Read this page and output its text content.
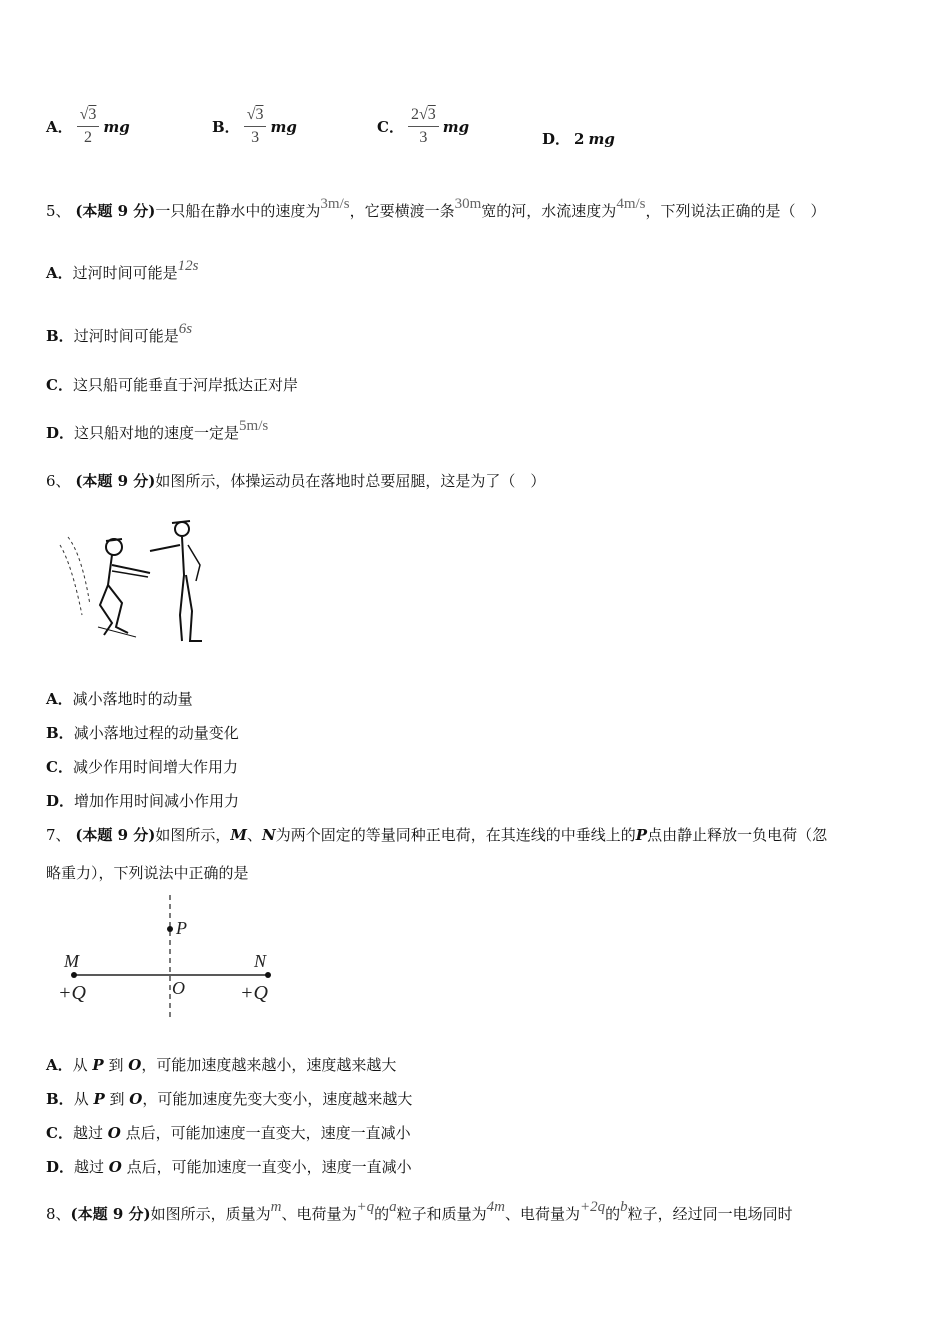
A． $\frac{√3}{2}$ mg	B． $\frac{√3}{3}$ mg	C． $\frac{2√3}{3}$ mg
D． 2 mg
5、 (本题 9 分)一只船在静水中的速度为3m/s，它要横渡一条30m宽的河，水流速度为4m/s，下列说法正确的是（　）
A．过河时间可能是12s
B．过河时间可能是6s
C．这只船可能垂直于河岸抵达正对岸
D．这只船对地的速度一定是5m/s
6、 (本题 9 分)如图所示，体操运动员在落地时总要屈腿，这是为了（　）
A．减小落地时的动量
B．减小落地过程的动量变化
C．减少作用时间增大作用力
D．增加作用时间减小作用力
7、 (本题 9 分)如图所示，M、N为两个固定的等量同种正电荷，在其连线的中垂线上的P点由静止释放一负电荷（忽
略重力），下列说法中正确的是
P
M	N
O
+Q	+Q
A．从 P 到 O，可能加速度越来越小，速度越来越大
B．从 P 到 O，可能加速度先变大变小，速度越来越大
C．越过 O 点后，可能加速度一直变大，速度一直减小
D．越过 O 点后，可能加速度一直变小，速度一直减小
8、(本题 9 分)如图所示，质量为m、电荷量为+q的a粒子和质量为4m、电荷量为+2q的b粒子，经过同一电场同时
